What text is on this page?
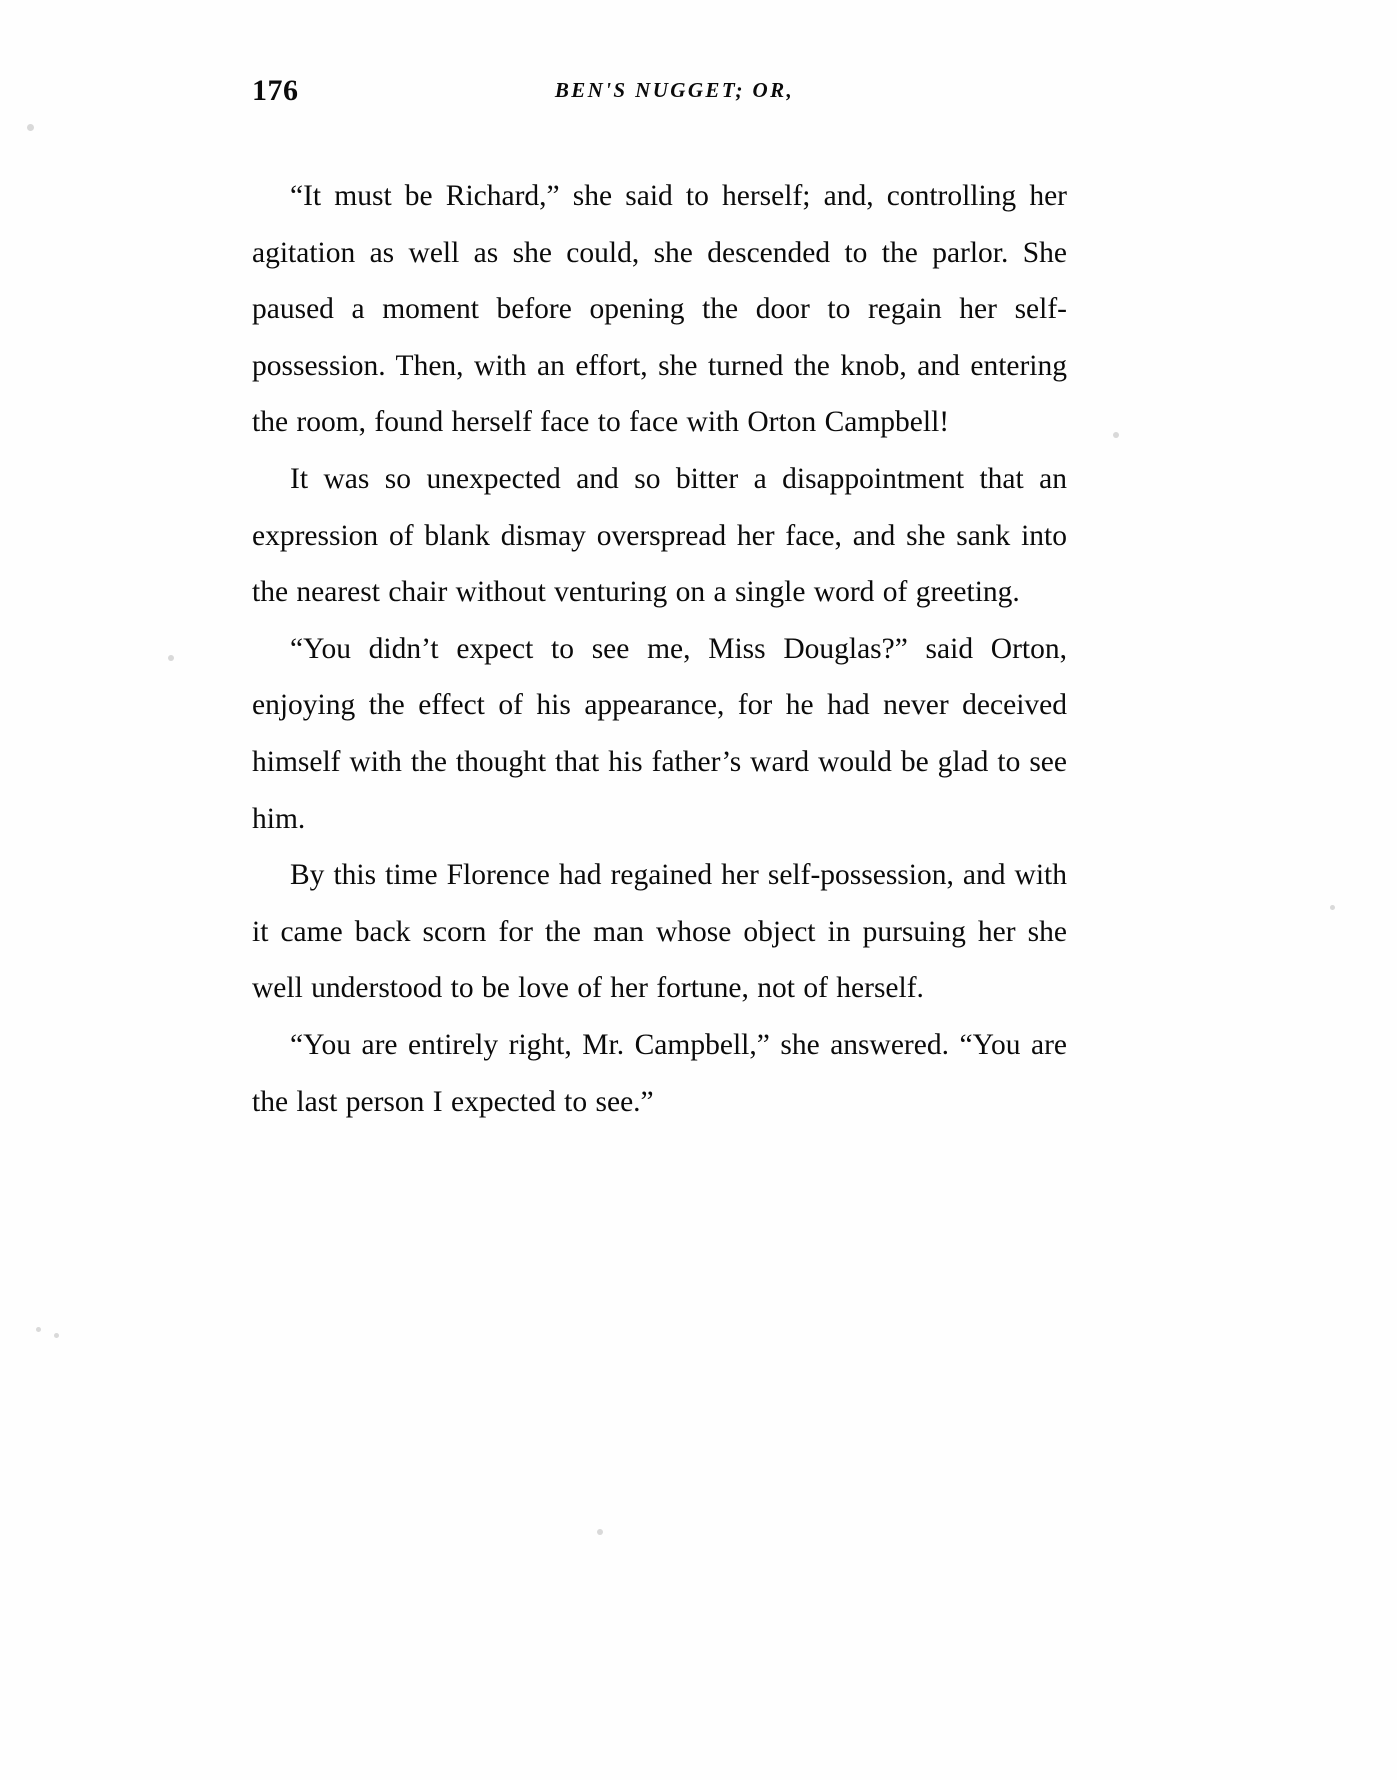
176	BEN'S NUGGET; OR,

“It must be Richard,” she said to herself; and, controlling her agitation as well as she could, she descended to the parlor. She paused a moment before opening the door to regain her self-possession. Then, with an effort, she turned the knob, and entering the room, found herself face to face with Orton Campbell!

It was so unexpected and so bitter a disappointment that an expression of blank dismay overspread her face, and she sank into the nearest chair without venturing on a single word of greeting.

“You didn’t expect to see me, Miss Douglas?” said Orton, enjoying the effect of his appearance, for he had never deceived himself with the thought that his father’s ward would be glad to see him.

By this time Florence had regained her self-possession, and with it came back scorn for the man whose object in pursuing her she well understood to be love of her fortune, not of herself.

“You are entirely right, Mr. Campbell,” she answered. “You are the last person I expected to see.”
